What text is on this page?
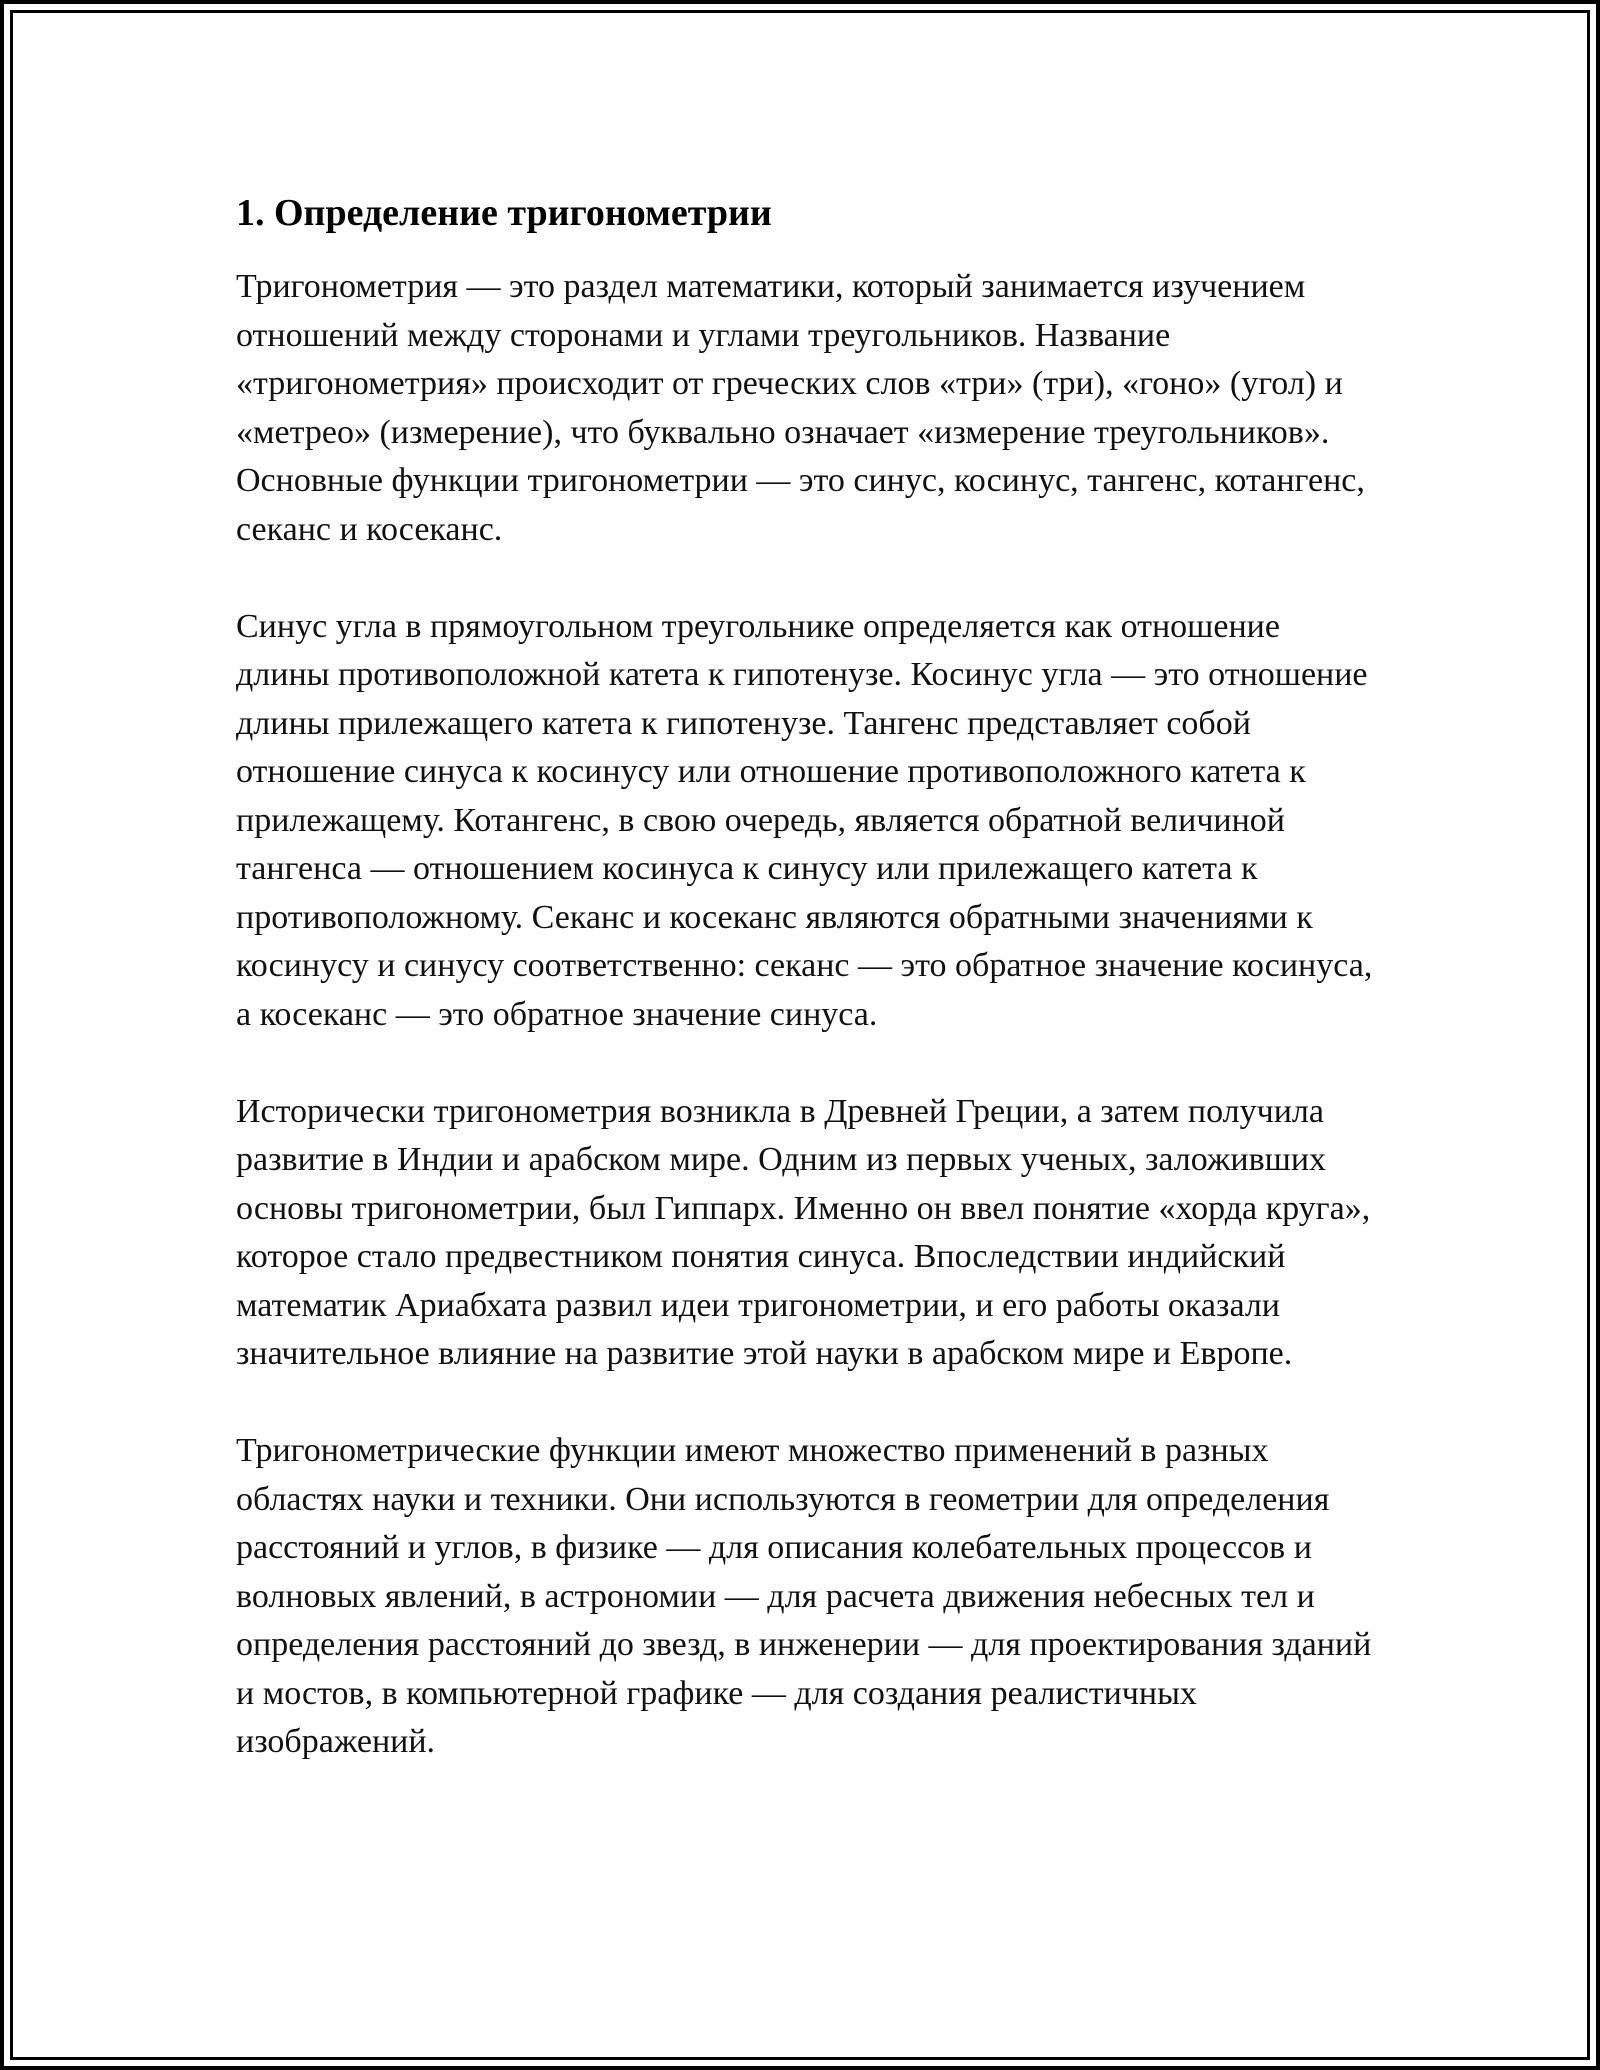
1. Определение тригонометрии

Тригонометрия — это раздел математики, который занимается изучением отношений между сторонами и углами треугольников. Название «тригонометрия» происходит от греческих слов «три» (три), «гоно» (угол) и «метрео» (измерение), что буквально означает «измерение треугольников». Основные функции тригонометрии — это синус, косинус, тангенс, котангенс, секанс и косеканс.

Синус угла в прямоугольном треугольнике определяется как отношение длины противоположной катета к гипотенузе. Косинус угла — это отношение длины прилежащего катета к гипотенузе. Тангенс представляет собой отношение синуса к косинусу или отношение противоположного катета к прилежащему. Котангенс, в свою очередь, является обратной величиной тангенса — отношением косинуса к синусу или прилежащего катета к противоположному. Секанс и косеканс являются обратными значениями к косинусу и синусу соответственно: секанс — это обратное значение косинуса, а косеканс — это обратное значение синуса.

Исторически тригонометрия возникла в Древней Греции, а затем получила развитие в Индии и арабском мире. Одним из первых ученых, заложивших основы тригонометрии, был Гиппарх. Именно он ввел понятие «хорда круга», которое стало предвестником понятия синуса. Впоследствии индийский математик Ариабхата развил идеи тригонометрии, и его работы оказали значительное влияние на развитие этой науки в арабском мире и Европе.

Тригонометрические функции имеют множество применений в разных областях науки и техники. Они используются в геометрии для определения расстояний и углов, в физике — для описания колебательных процессов и волновых явлений, в астрономии — для расчета движения небесных тел и определения расстояний до звезд, в инженерии — для проектирования зданий и мостов, в компьютерной графике — для создания реалистичных изображений.
